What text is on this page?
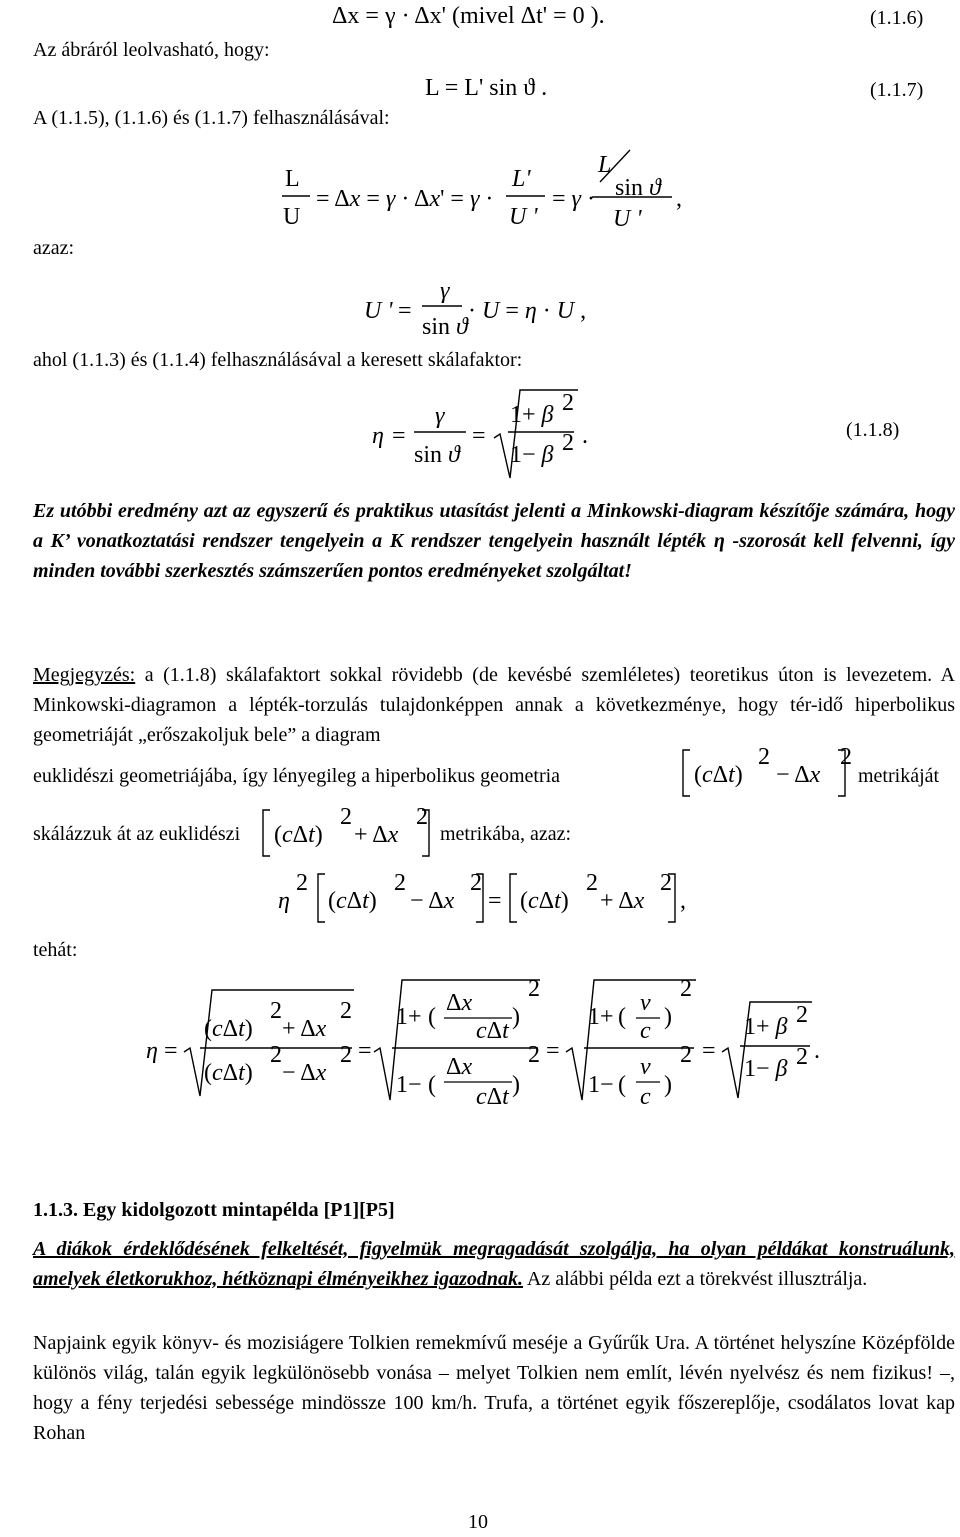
Δx = γ · Δx' (mivel Δt' = 0 ).	(1.1.6)
Az ábráról leolvasható, hogy:
L = L' sin ϑ .	(1.1.7)
A (1.1.5), (1.1.6) és (1.1.7) felhasználásával:
L
U
= Δx = γ · Δx' = γ ·
L'
U '
= γ ·
L
sin ϑ
U '
,
U ' =
γ
sin ϑ
· U = η · U ,
azaz:
ahol (1.1.3) és (1.1.4) felhasználásával a keresett skálafaktor:
η =
γ
sin ϑ
=
1+ β 2
1− β 2 .	(1.1.8)
Ez utóbbi eredmény azt az egyszerű és praktikus utasítást jelenti a Minkowski-diagram készítője számára, hogy a K’ vonatkoztatási rendszer tengelyein a K rendszer tengelyein használt lépték η -szorosát kell felvenni, így minden további szerkesztés számszerűen pontos eredményeket szolgáltat!
Megjegyzés: a (1.1.8) skálafaktort sokkal rövidebb (de kevésbé szemléletes) teoretikus úton is levezetem. A Minkowski-diagramon a lépték-torzulás tulajdonképpen annak a következménye, hogy tér-idő hiperbolikus geometriáját „erőszakoljuk bele” a diagram
euklidészi geometriájába, így lényegileg a hiperbolikus geometria	(cΔt)
2
− Δx
2
metrikáját
skálázzuk át az euklidészi (cΔt)
2
+ Δx
2
metrikába, azaz:
η
2
(cΔt)
2
− Δx
2
= (cΔt)
2
+ Δx
2
,
tehát:
η =
(cΔt)
2
+ Δx
2
(cΔt)
2
− Δx
2 =
1+ (
Δx
cΔt
)
2
1− (
Δx
cΔt )
2 =
1+ (
v
c
)
2
1− (
v
c )
2 =
1+ β 2
1− β 2 .
1.1.3. Egy kidolgozott mintapélda [P1][P5]
A diákok érdeklődésének felkeltését, figyelmük megragadását szolgálja, ha olyan példákat konstruálunk, amelyek életkorukhoz, hétköznapi élményeikhez igazodnak. Az alábbi példa ezt a törekvést illusztrálja.
Napjaink egyik könyv- és mozisiágere Tolkien remekmívű meséje a Gyűrűk Ura. A történet helyszíne Középfölde különös világ, talán egyik legkülönösebb vonása – melyet Tolkien nem említ, lévén nyelvész és nem fizikus! –, hogy a fény terjedési sebessége mindössze 100 km/h. Trufa, a történet egyik főszereplője, csodálatos lovat kap Rohan
10
